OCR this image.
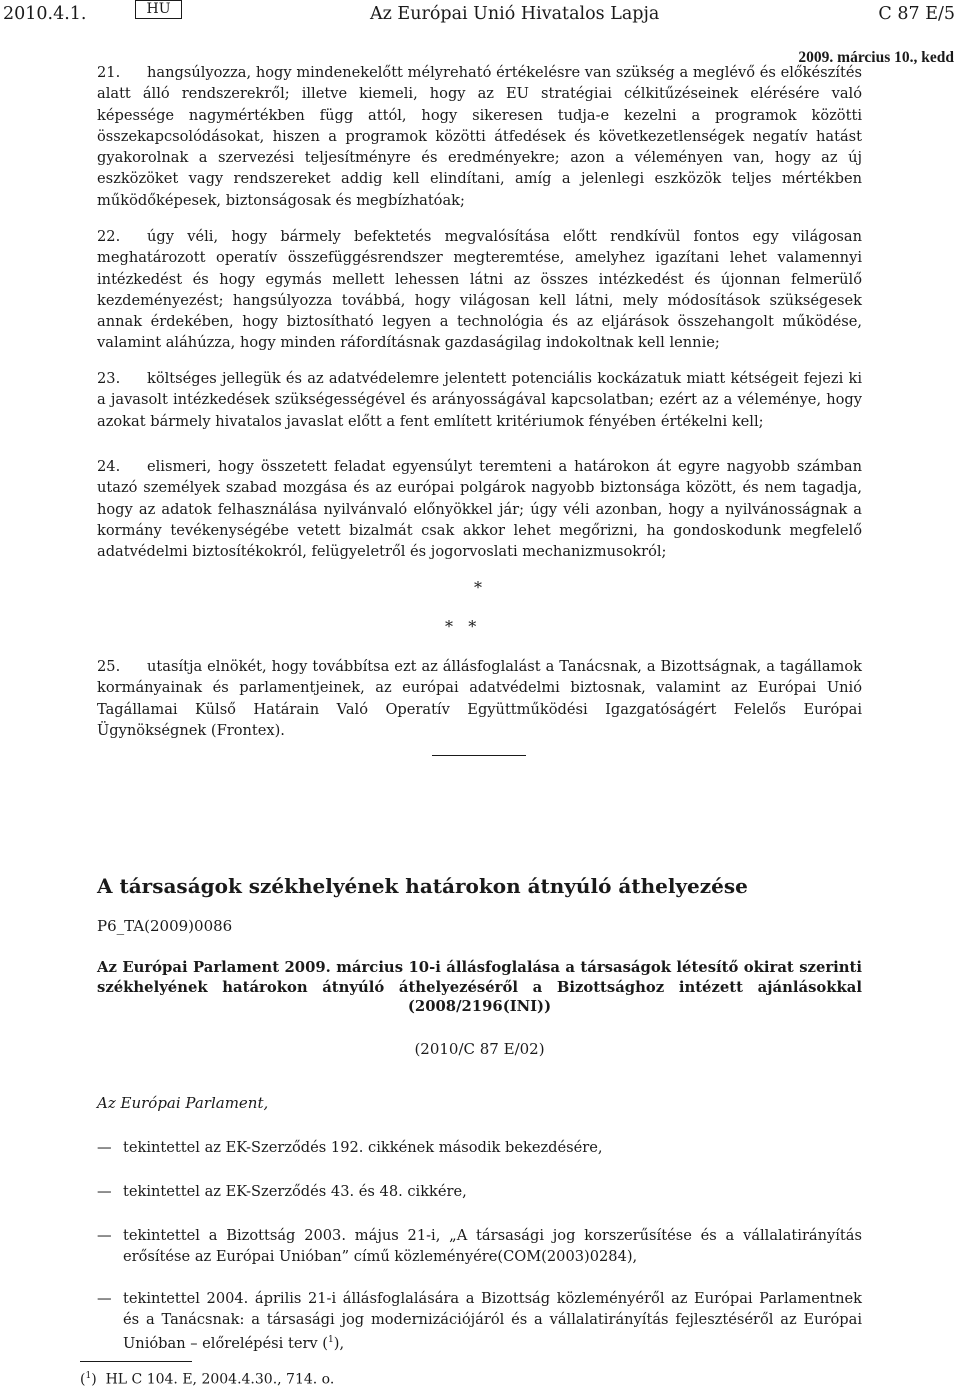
2010.4.1.	HU	Az Európai Unió Hivatalos Lapja	C 87 E/5
2009. március 10., kedd

21. hangsúlyozza, hogy mindenekelőtt mélyreható értékelésre van szükség a meglévő és előkészítés alatt álló rendszerekről; illetve kiemeli, hogy az EU stratégiai célkitűzéseinek elérésére való képessége nagymértékben függ attól, hogy sikeresen tudja-e kezelni a programok közötti összekapcsolódásokat, hiszen a programok közötti átfedések és következetlenségek negatív hatást gyakorolnak a szervezési teljesítményre és eredményekre; azon a véleményen van, hogy az új eszközöket vagy rendszereket addig kell elindítani, amíg a jelenlegi eszközök teljes mértékben működőképesek, biztonságosak és megbízhatóak;

22. úgy véli, hogy bármely befektetés megvalósítása előtt rendkívül fontos egy világosan meghatározott operatív összefüggésrendszer megteremtése, amelyhez igazítani lehet valamennyi intézkedést és hogy egymás mellett lehessen látni az összes intézkedést és újonnan felmerülő kezdeményezést; hangsúlyozza továbbá, hogy világosan kell látni, mely módosítások szükségesek annak érdekében, hogy biztosítható legyen a technológia és az eljárások összehangolt működése, valamint aláhúzza, hogy minden ráfordításnak gazdaságilag indokoltnak kell lennie;

23. költséges jellegük és az adatvédelemre jelentett potenciális kockázatuk miatt kétségeit fejezi ki a javasolt intézkedések szükségességével és arányosságával kapcsolatban; ezért az a véleménye, hogy azokat bármely hivatalos javaslat előtt a fent említett kritériumok fényében értékelni kell;

24. elismeri, hogy összetett feladat egyensúlyt teremteni a határokon át egyre nagyobb számban utazó személyek szabad mozgása és az európai polgárok nagyobb biztonsága között, és nem tagadja, hogy az adatok felhasználása nyilvánvaló előnyökkel jár; úgy véli azonban, hogy a nyilvánosságnak a kormány tevékenységébe vetett bizalmát csak akkor lehet megőrizni, ha gondoskodunk megfelelő adatvédelmi biztosítékokról, felügyeletről és jogorvoslati mechanizmusokról;

*
*   *

25. utasítja elnökét, hogy továbbítsa ezt az állásfoglalást a Tanácsnak, a Bizottságnak, a tagállamok kormányainak és parlamentjeinek, az európai adatvédelmi biztosnak, valamint az Európai Unió Tagállamai Külső Határain Való Operatív Együttműködési Igazgatóságért Felelős Európai Ügynökségnek (Frontex).

A társaságok székhelyének határokon átnyúló áthelyezése
P6_TA(2009)0086

Az Európai Parlament 2009. március 10-i állásfoglalása a társaságok létesítő okirat szerinti székhelyének határokon átnyúló áthelyezéséről a Bizottsághoz intézett ajánlásokkal

(2008/2196(INI))
(2010/C 87 E/02)
Az Európai Parlament,
— tekintettel az EK-Szerződés 192. cikkének második bekezdésére,
— tekintettel az EK-Szerződés 43. és 48. cikkére,
— tekintettel a Bizottság 2003. május 21-i, „A társasági jog korszerűsítése és a vállalatirányítás erősítése az Európai Unióban” című közleményére(COM(2003)0284),
— tekintettel 2004. április 21-i állásfoglalására a Bizottság közleményéről az Európai Parlamentnek és a Tanácsnak: a társasági jog modernizációjáról és a vállalatirányítás fejlesztéséről az Európai Unióban – előrelépési terv ($^1$),
($^1$) HL C 104. E, 2004.4.30., 714. o.
